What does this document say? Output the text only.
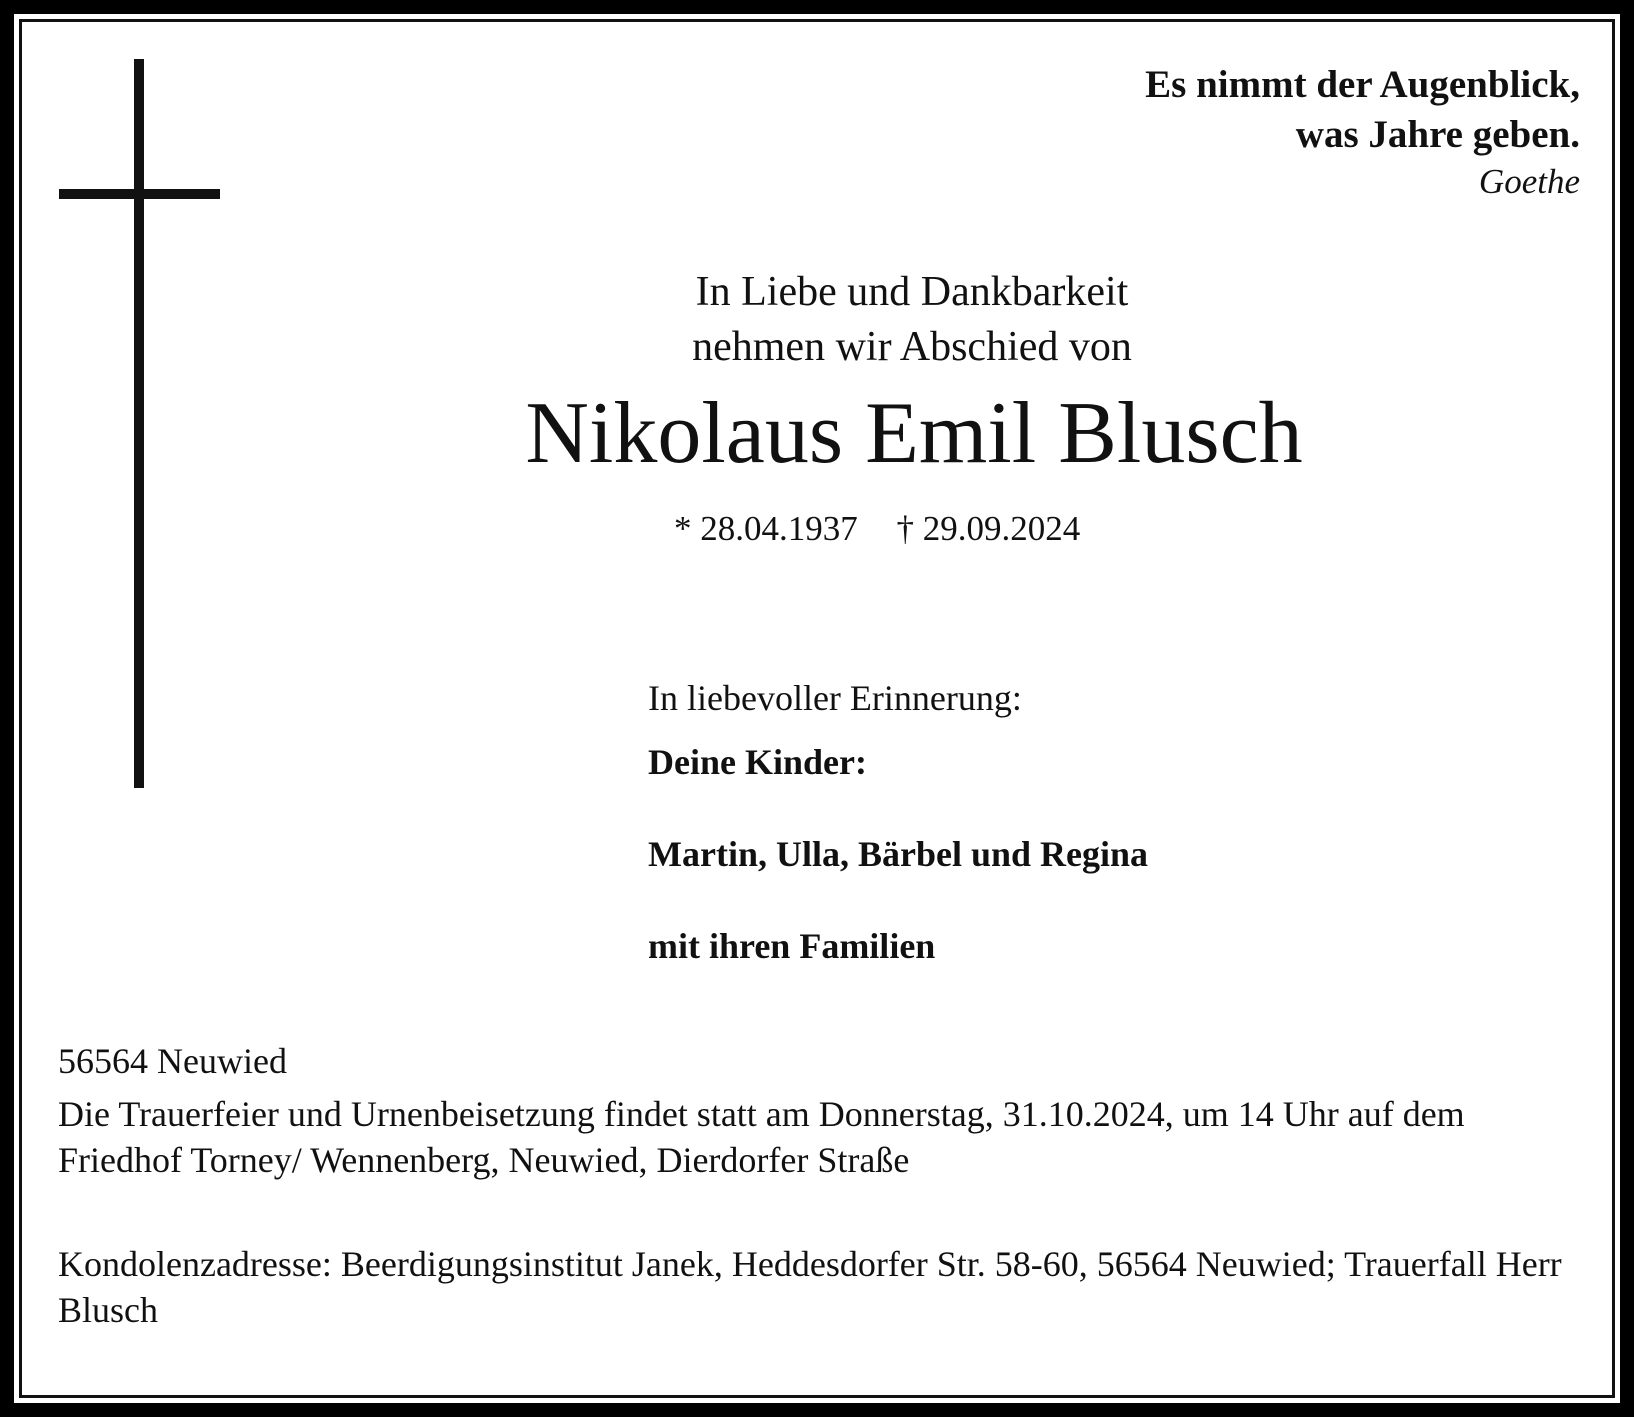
Es nimmt der Augenblick,
was Jahre geben.
Goethe
In Liebe und Dankbarkeit
nehmen wir Abschied von
Nikolaus Emil Blusch
* 28.04.1937 † 29.09.2024
In liebevoller Erinnerung:
Deine Kinder:
Martin, Ulla, Bärbel und Regina
mit ihren Familien
56564 Neuwied
Die Trauerfeier und Urnenbeisetzung findet statt am Donnerstag, 31.10.2024, um 14 Uhr auf dem Friedhof Torney/ Wennenberg, Neuwied, Dierdorfer Straße
Kondolenzadresse: Beerdigungsinstitut Janek, Heddesdorfer Str. 58-60, 56564 Neuwied; Trauerfall Herr Blusch
